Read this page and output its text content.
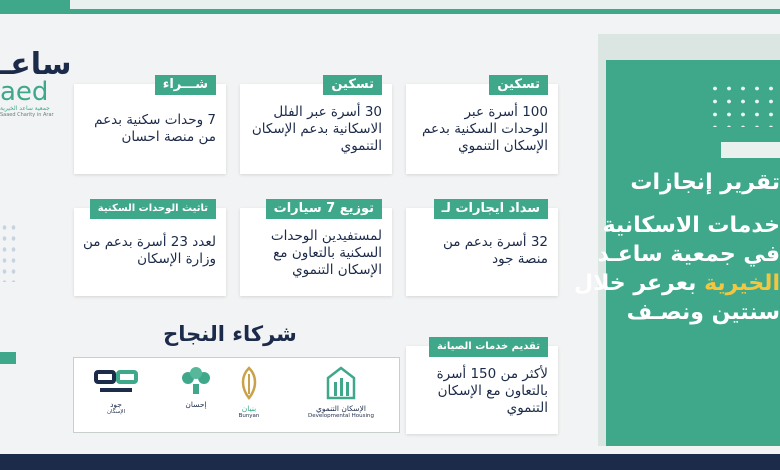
ساعـ
aed
جمعية ساعد الخيرية
Saaed Charity in Arar
تسكين
100 أسرة عبر الوحدات السكنية بدعم الإسكان التنموي
تسكين
30 أسرة عبر الفلل الاسكانية بدعم الإسكان التنموي
شـــراء
7 وحدات سكنية بدعم من منصة احسان
سداد ايجارات لـ
32 أسرة بدعم من منصة جود
توزيع 7 سيارات
لمستفيدين الوحدات السكنية بالتعاون مع الإسكان التنموي
تاثيث الوحدات السكنية
لعدد 23 أسرة بدعم من وزارة الإسكان
تقديم خدمات الصيانة
لأكثر من 150 أسرة بالتعاون مع الإسكان التنموي
شركاء النجاح
جود
الإسكان
إحسان	بنيان
Bunyan
الإسكان التنموي
Developmental Housing
تقرير إنجازات
خدمات الاسكانية
في جمعية ساعـد
الخيرية بعرعر خلال
سنتين ونصـف
